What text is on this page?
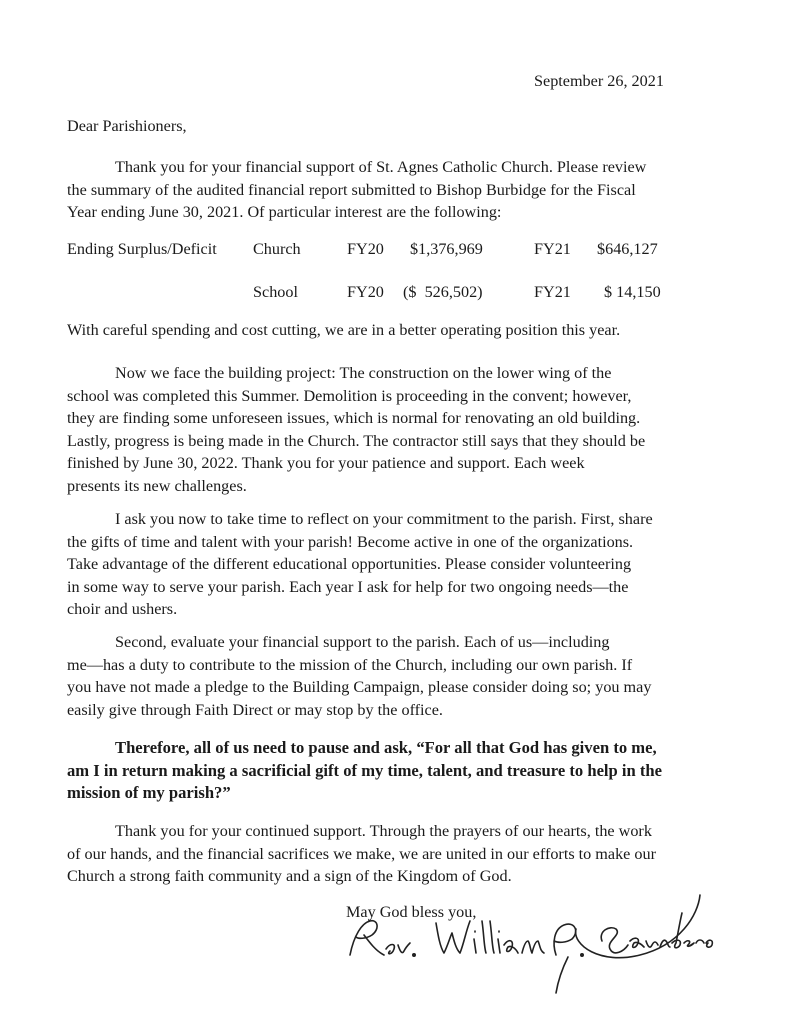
September 26, 2021
Dear Parishioners,
Thank you for your financial support of St. Agnes Catholic Church. Please review
the summary of the audited financial report submitted to Bishop Burbidge for the Fiscal
Year ending June 30, 2021. Of particular interest are the following:
Ending Surplus/Deficit Church	FY20 $1,376,969	FY21 $646,127
School	FY20 ($  526,502)	FY21 $ 14,150
With careful spending and cost cutting, we are in a better operating position this year.
Now we face the building project: The construction on the lower wing of the
school was completed this Summer. Demolition is proceeding in the convent; however,
they are finding some unforeseen issues, which is normal for renovating an old building.
Lastly, progress is being made in the Church. The contractor still says that they should be
finished by June 30, 2022. Thank you for your patience and support. Each week
presents its new challenges.
I ask you now to take time to reflect on your commitment to the parish. First, share
the gifts of time and talent with your parish! Become active in one of the organizations.
Take advantage of the different educational opportunities. Please consider volunteering
in some way to serve your parish. Each year I ask for help for two ongoing needs—the
choir and ushers.
Second, evaluate your financial support to the parish. Each of us—including
me—has a duty to contribute to the mission of the Church, including our own parish. If
you have not made a pledge to the Building Campaign, please consider doing so; you may
easily give through Faith Direct or may stop by the office.
Therefore, all of us need to pause and ask, “For all that God has given to me,
am I in return making a sacrificial gift of my time, talent, and treasure to help in the
mission of my parish?”
Thank you for your continued support. Through the prayers of our hearts, the work
of our hands, and the financial sacrifices we make, we are united in our efforts to make our
Church a strong faith community and a sign of the Kingdom of God.
May God bless you,
